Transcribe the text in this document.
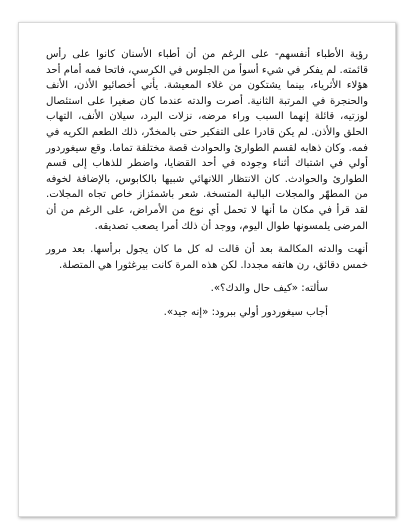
رؤية الأطباء أنفسهم- على الرغم من أن أطباء الأسنان كانوا على رأس قائمته. لم يفكر في شيء أسوأ من الجلوس في الكرسي، فاتحا فمه أمام أحد هؤلاء الأثرياء، بينما يشتكون من غلاء المعيشة. يأتي أخصائيو الأذن، الأنف والحنجرة في المرتبة الثانية. أصرت والدته عندما كان صغيرا على استئصال لوزتيه، قائلة إنهما السبب وراء مرضه، نزلات البرد، سيلان الأنف، التهاب الحلق والأذن. لم يكن قادرا على التفكير حتى بالمخدّر، ذلك الطعم الكريه في فمه. وكان ذهابه لقسم الطوارئ والحوادث قصة مختلفة تماما. وقع سيغوردور أولي في اشتباك أثناء وجوده في أحد القضايا، واضطر للذهاب إلى قسم الطوارئ والحوادث. كان الانتظار اللانهائي شبيها بالكابوس، بالإضافة لخوفه من المطهّر والمجلات البالية المتسخة. شعر باشمئزاز خاص تجاه المجلات. لقد قرأ في مكان ما أنها لا تحمل أي نوع من الأمراض، على الرغم من أن المرضى يلمسونها طوال اليوم، ووجد أن ذلك أمرا يصعب تصديقه.

أنهت والدته المكالمة بعد أن قالت له كل ما كان يجول برأسها. بعد مرور خمس دقائق، رن هاتفه مجددا. لكن هذه المرة كانت بيرغثورا هي المتصلة.

سألته: «كيف حال والدك؟».

أجاب سيغوردور أولي ببرود: «إنه جيد».
